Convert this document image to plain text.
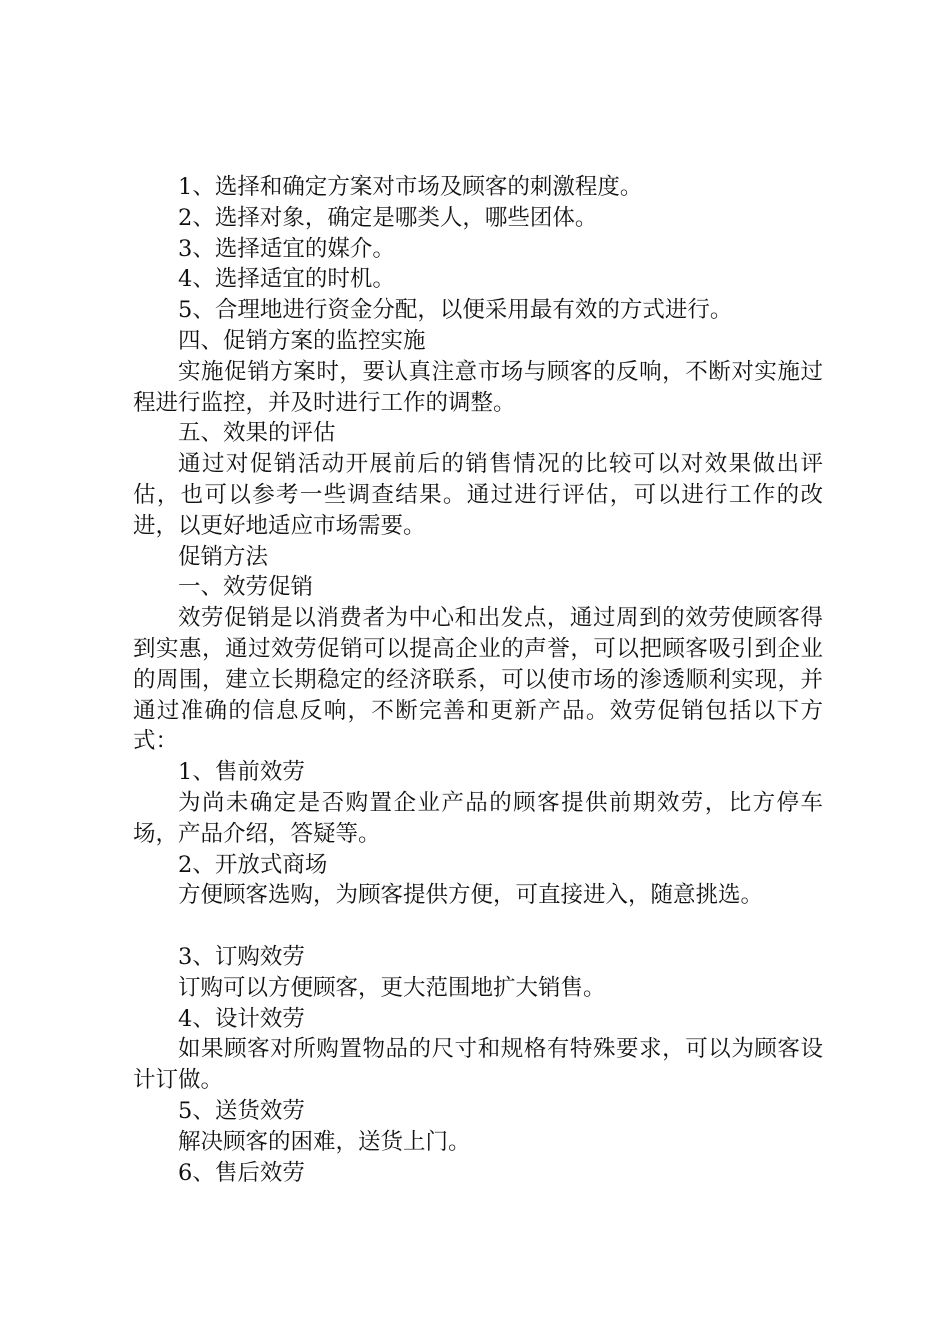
1、选择和确定方案对市场及顾客的刺激程度。

2、选择对象，确定是哪类人，哪些团体。

3、选择适宜的媒介。

4、选择适宜的时机。

5、合理地进行资金分配，以便采用最有效的方式进行。

四、促销方案的监控实施

实施促销方案时，要认真注意市场与顾客的反响，不断对实施过程进行监控，并及时进行工作的调整。

五、效果的评估

通过对促销活动开展前后的销售情况的比较可以对效果做出评估，也可以参考一些调查结果。通过进行评估，可以进行工作的改进，以更好地适应市场需要。

促销方法

一、效劳促销

效劳促销是以消费者为中心和出发点，通过周到的效劳使顾客得到实惠，通过效劳促销可以提高企业的声誉，可以把顾客吸引到企业的周围，建立长期稳定的经济联系，可以使市场的渗透顺利实现，并通过准确的信息反响，不断完善和更新产品。效劳促销包括以下方式：

1、售前效劳

为尚未确定是否购置企业产品的顾客提供前期效劳，比方停车场，产品介绍，答疑等。

2、开放式商场

方便顾客选购，为顾客提供方便，可直接进入，随意挑选。

3、订购效劳

订购可以方便顾客，更大范围地扩大销售。

4、设计效劳

如果顾客对所购置物品的尺寸和规格有特殊要求，可以为顾客设计订做。

5、送货效劳

解决顾客的困难，送货上门。

6、售后效劳
